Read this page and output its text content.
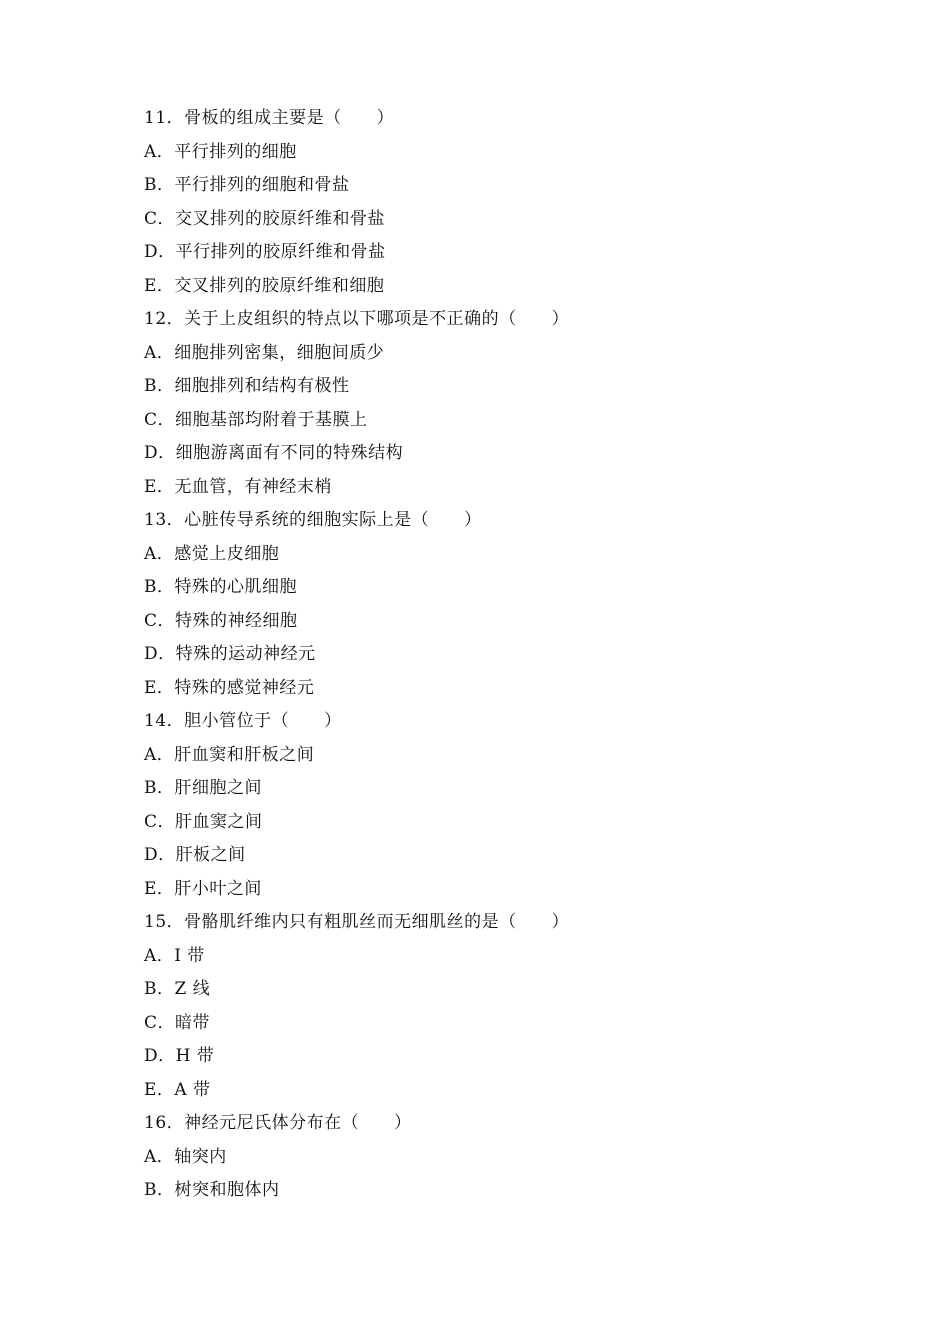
11．骨板的组成主要是（　　）
A．平行排列的细胞
B．平行排列的细胞和骨盐
C．交叉排列的胶原纤维和骨盐
D．平行排列的胶原纤维和骨盐
E．交叉排列的胶原纤维和细胞
12．关于上皮组织的特点以下哪项是不正确的（　　）
A．细胞排列密集，细胞间质少
B．细胞排列和结构有极性
C．细胞基部均附着于基膜上
D．细胞游离面有不同的特殊结构
E．无血管，有神经末梢
13．心脏传导系统的细胞实际上是（　　）
A．感觉上皮细胞
B．特殊的心肌细胞
C．特殊的神经细胞
D．特殊的运动神经元
E．特殊的感觉神经元
14．胆小管位于（　　）
A．肝血窦和肝板之间
B．肝细胞之间
C．肝血窦之间
D．肝板之间
E．肝小叶之间
15．骨骼肌纤维内只有粗肌丝而无细肌丝的是（　　）
A．I 带
B．Z 线
C．暗带
D．H 带
E．A 带
16．神经元尼氏体分布在（　　）
A．轴突内
B．树突和胞体内
